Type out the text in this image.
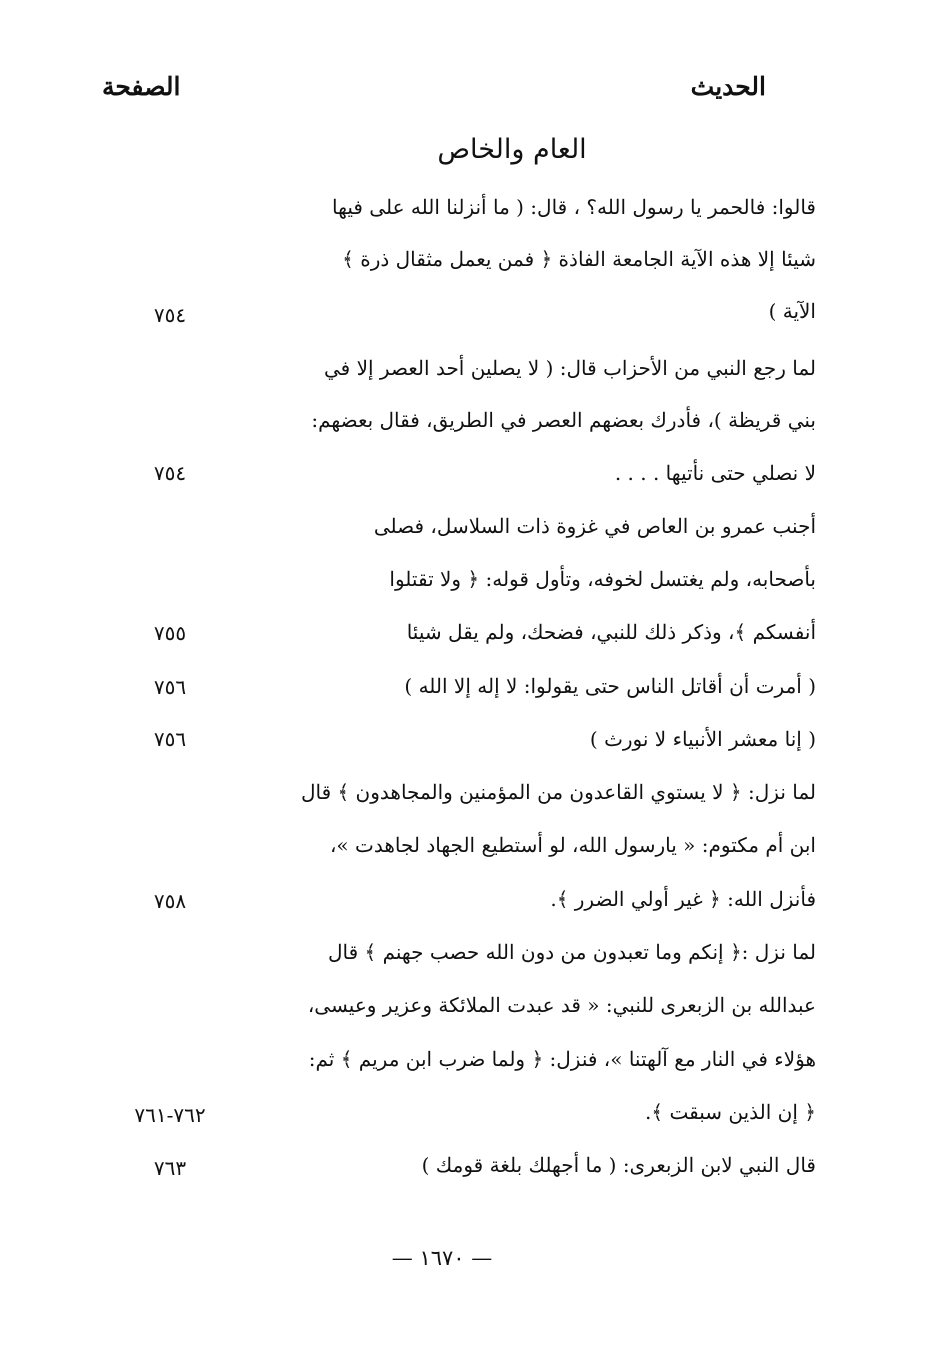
الحديث
الصفحة
العام والخاص
قالوا: فالحمر يا رسول الله؟ ، قال: ( ما أنزلنا الله على فيها
شيئا إلا هذه الآية الجامعة الفاذة ﴿ فمن يعمل مثقال ذرة ﴾
الآية )
٧٥٤
لما رجع النبي من الأحزاب قال: ( لا يصلين أحد العصر إلا في
بني قريظة )، فأدرك بعضهم العصر في الطريق، فقال بعضهم:
لا نصلي حتى نأتيها . . . .
٧٥٤
أجنب عمرو بن العاص في غزوة ذات السلاسل، فصلى
بأصحابه، ولم يغتسل لخوفه، وتأول قوله: ﴿ ولا تقتلوا
أنفسكم ﴾، وذكر ذلك للنبي، فضحك، ولم يقل شيئا
٧٥٥
( أمرت أن أقاتل الناس حتى يقولوا: لا إله إلا الله )
٧٥٦
( إنا معشر الأنبياء لا نورث )
٧٥٦
لما نزل: ﴿ لا يستوي القاعدون من المؤمنين والمجاهدون ﴾ قال
ابن أم مكتوم: « يارسول الله، لو أستطيع الجهاد لجاهدت »،
فأنزل الله: ﴿ غير أولي الضرر ﴾.
٧٥٨
لما نزل :﴿ إنكم وما تعبدون من دون الله حصب جهنم ﴾ قال
عبدالله بن الزبعرى للنبي: « قد عبدت الملائكة وعزير وعيسى،
هؤلاء في النار مع آلهتنا »، فنزل: ﴿ ولما ضرب ابن مريم ﴾ ثم:
﴿ إن الذين سبقت ﴾.
٧٦٢-٧٦١
قال النبي لابن الزبعرى: ( ما أجهلك بلغة قومك )
٧٦٣
— ١٦٧٠ —
